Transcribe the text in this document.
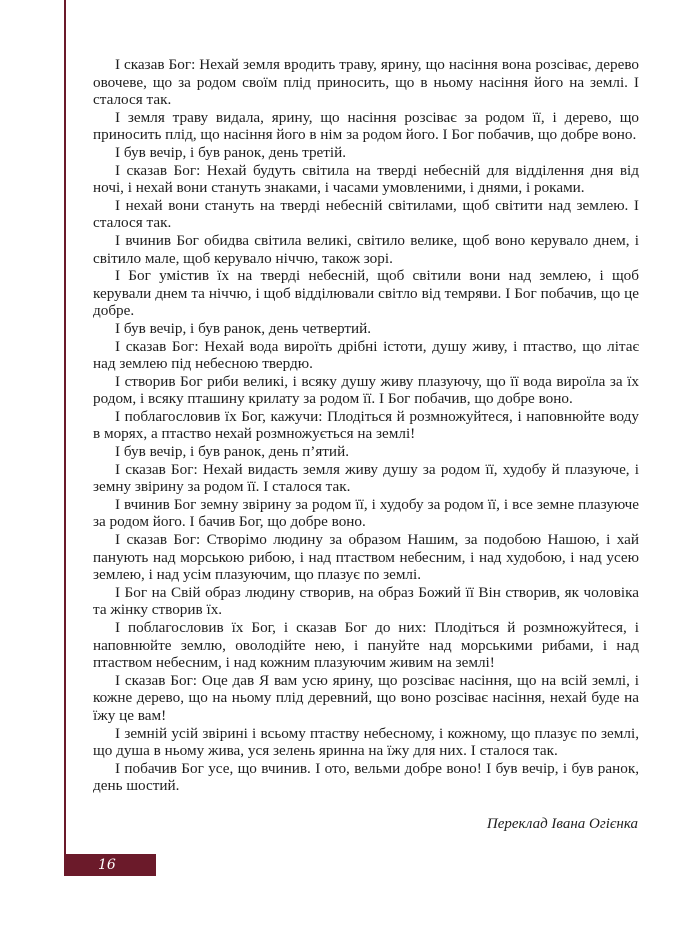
І сказав Бог: Нехай земля вродить траву, ярину, що насіння вона розсіває, дерево овочеве, що за родом своїм плід приносить, що в ньому насіння його на землі. І сталося так.

І земля траву видала, ярину, що насіння розсіває за родом її, і дерево, що приносить плід, що насіння його в нім за родом його. І Бог побачив, що добре воно.

І був вечір, і був ранок, день третій.

І сказав Бог: Нехай будуть світила на тверді небесній для відділення дня від ночі, і нехай вони стануть знаками, і часами умовленими, і днями, і роками.

І нехай вони стануть на тверді небесній світилами, щоб світити над землею. І сталося так.

І вчинив Бог обидва світила великі, світило велике, щоб воно керувало днем, і світило мале, щоб керувало ніччю, також зорі.

І Бог умістив їх на тверді небесній, щоб світили вони над землею, і щоб керували днем та ніччю, і щоб відділювали світло від темряви. І Бог побачив, що це добре.

І був вечір, і був ранок, день четвертий.

І сказав Бог: Нехай вода вироїть дрібні істоти, душу живу, і птаство, що літає над землею під небесною твердю.

І створив Бог риби великі, і всяку душу живу плазуючу, що її вода вироїла за їх родом, і всяку пташину крилату за родом її. І Бог побачив, що добре воно.

І поблагословив їх Бог, кажучи: Плодіться й розмножуйтеся, і наповнюйте воду в морях, а птаство нехай розмножується на землі!

І був вечір, і був ранок, день п’ятий.

І сказав Бог: Нехай видасть земля живу душу за родом її, худобу й плазуюче, і земну звірину за родом її. І сталося так.

І вчинив Бог земну звірину за родом її, і худобу за родом її, і все земне плазуюче за родом його. І бачив Бог, що добре воно.

І сказав Бог: Створімо людину за образом Нашим, за подобою Нашою, і хай панують над морською рибою, і над птаством небесним, і над худобою, і над усею землею, і над усім плазуючим, що плазує по землі.

І Бог на Свій образ людину створив, на образ Божий її Він створив, як чоловіка та жінку створив їх.

І поблагословив їх Бог, і сказав Бог до них: Плодіться й розмножуйтеся, і наповнюйте землю, оволодійте нею, і пануйте над морськими рибами, і над птаством небесним, і над кожним плазуючим живим на землі!

І сказав Бог: Оце дав Я вам усю ярину, що розсіває насіння, що на всій землі, і кожне дерево, що на ньому плід деревний, що воно розсіває насіння, нехай буде на їжу це вам!

І земній усій звірині і всьому птаству небесному, і кожному, що плазує по землі, що душа в ньому жива, уся зелень яринна на їжу для них. І сталося так.

І побачив Бог усе, що вчинив. І ото, вельми добре воно! І був вечір, і був ранок, день шостий.

Переклад Івана Огієнка
16
